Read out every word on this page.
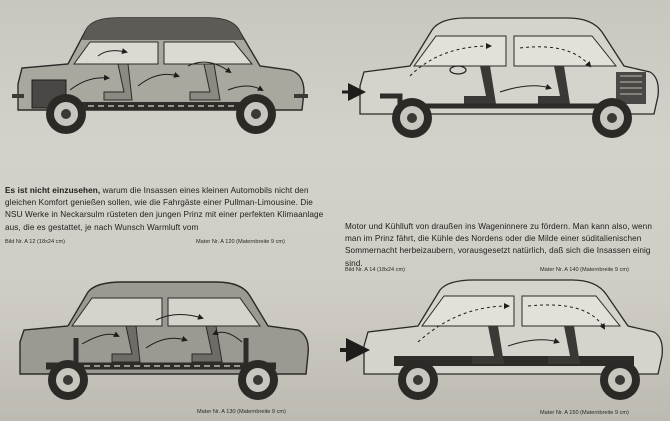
Es ist nicht einzusehen, warum die Insassen eines kleinen Automobils nicht den gleichen Komfort genießen sollen, wie die Fahrgäste einer Pullman-Limousine. Die NSU Werke in Neckarsulm rüsteten den jungen Prinz mit einer perfekten Klimaanlage aus, die es gestattet, je nach Wunsch Warmluft vom	Motor und Kühlluft von draußen ins Wageninnere zu fördern. Man kann also, wenn man im Prinz fährt, die Kühle des Nordens oder die Milde einer süditalienischen Sommernacht herbeizaubern, vorausgesetzt natürlich, daß sich die Insassen einig sind.
Bild Nr. A 12 (18x24 cm)	Mater Nr. A 120 (Maternbreite 9 cm)
Bild Nr. A 14 (18x24 cm)	Mater Nr. A 140 (Maternbreite 9 cm)
Mater Nr. A 130 (Maternbreite 9 cm)	Mater Nr. A 150 (Maternbreite 9 cm)
